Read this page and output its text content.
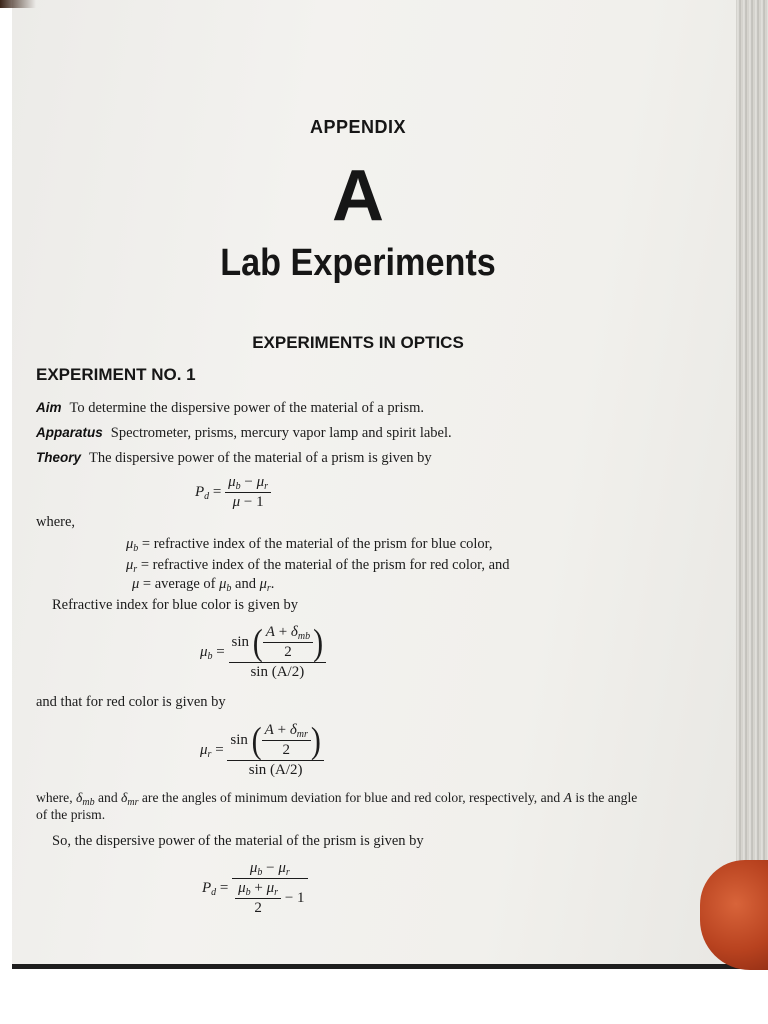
APPENDIX
A
Lab Experiments
EXPERIMENTS IN OPTICS
EXPERIMENT NO. 1
Aim To determine the dispersive power of the material of a prism.
Apparatus Spectrometer, prisms, mercury vapor lamp and spirit label.
Theory The dispersive power of the material of a prism is given by
$P_d = \frac{\mu_b - \mu_r}{\mu - 1}$
where,
$\mu_b$ = refractive index of the material of the prism for blue color,
$\mu_r$ = refractive index of the material of the prism for red color, and
μ = average of $\mu_b$ and $\mu_r$.
Refractive index for blue color is given by
$\mu_b = \frac{\sin ( \frac{A + \delta_{mb}}{2} )}{\sin (A/2)}$
and that for red color is given by
$\mu_r = \frac{\sin ( \frac{A + \delta_{mr}}{2} )}{\sin (A/2)}$
where, $\delta_{mb}$ and $\delta_{mr}$ are the angles of minimum deviation for blue and red color, respectively, and A is the angle
of the prism.
So, the dispersive power of the material of the prism is given by
$P_d = \frac{\mu_b - \mu_r}{\frac{\mu_b + \mu_r}{2} - 1}$
